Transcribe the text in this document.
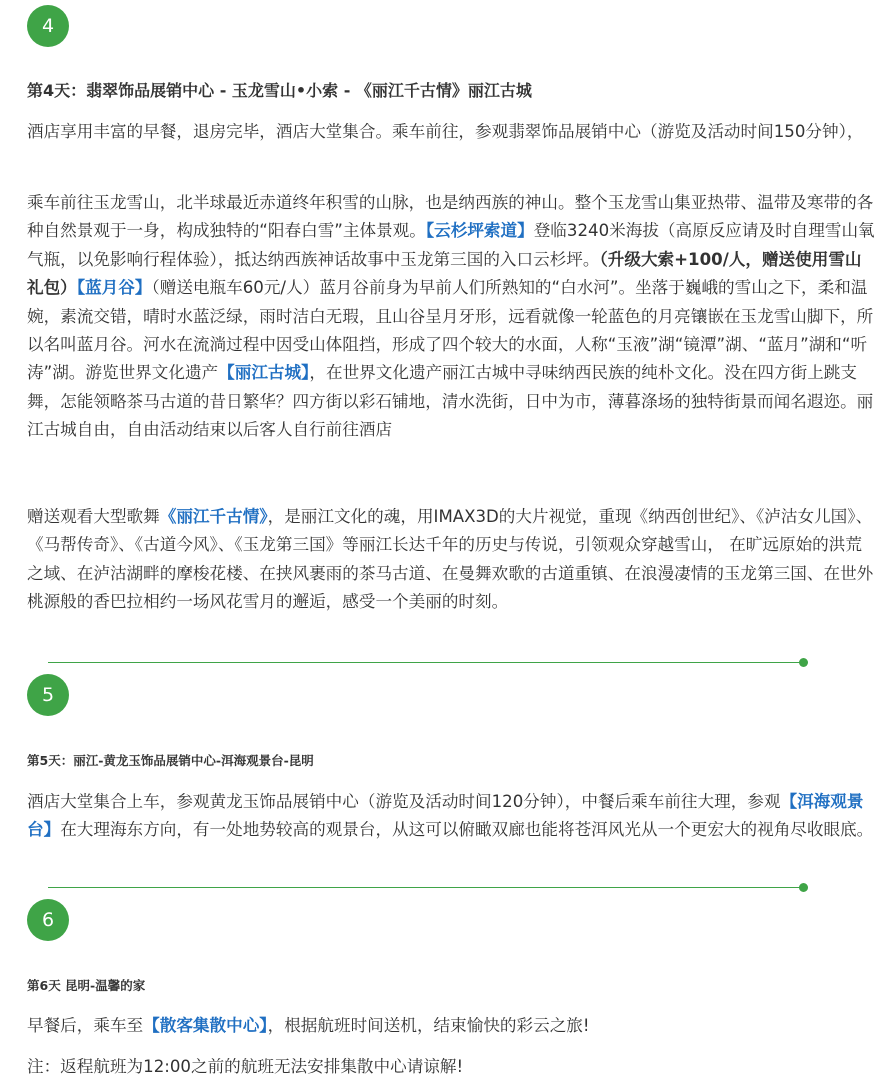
4
第4天：翡翠饰品展销中心 - 玉龙雪山•小索 - 《丽江千古情》丽江古城

酒店享用丰富的早餐，退房完毕，酒店大堂集合。乘车前往，参观翡翠饰品展销中心（游览及活动时间150分钟），

乘车前往玉龙雪山，北半球最近赤道终年积雪的山脉，也是纳西族的神山。整个玉龙雪山集亚热带、温带及寒带的各种自然景观于一身，构成独特的“阳春白雪”主体景观。【云杉坪索道】登临3240米海拔（高原反应请及时自理雪山氧气瓶，以免影响行程体验），抵达纳西族神话故事中玉龙第三国的入口云杉坪。（升级大索+100/人，赠送使用雪山礼包）【蓝月谷】（赠送电瓶车60元/人）蓝月谷前身为早前人们所熟知的“白水河”。坐落于巍峨的雪山之下，柔和温婉，素流交错，晴时水蓝泛绿，雨时洁白无瑕，且山谷呈月牙形，远看就像一轮蓝色的月亮镶嵌在玉龙雪山脚下，所以名叫蓝月谷。河水在流淌过程中因受山体阻挡，形成了四个较大的水面，人称“玉液”湖“镜潭”湖、“蓝月”湖和“听涛”湖。游览世界文化遗产【丽江古城】，在世界文化遗产丽江古城中寻味纳西民族的纯朴文化。没在四方街上跳支舞，怎能领略茶马古道的昔日繁华？四方街以彩石铺地，清水洗街，日中为市，薄暮涤场的独特街景而闻名遐迩。丽江古城自由，自由活动结束以后客人自行前往酒店

赠送观看大型歌舞《丽江千古情》，是丽江文化的魂，用IMAX3D的大片视觉，重现《纳西创世纪》、《泸沽女儿国》、《马帮传奇》、《古道今风》、《玉龙第三国》等丽江长达千年的历史与传说，引领观众穿越雪山， 在旷远原始的洪荒之域、在泸沽湖畔的摩梭花楼、在挟风裹雨的茶马古道、在曼舞欢歌的古道重镇、在浪漫凄情的玉龙第三国、在世外桃源般的香巴拉相约一场风花雪月的邂逅，感受一个美丽的时刻。

5
第5天：丽江-黄龙玉饰品展销中心-洱海观景台-昆明

酒店大堂集合上车，参观黄龙玉饰品展销中心（游览及活动时间120分钟），中餐后乘车前往大理，参观【洱海观景台】在大理海东方向，有一处地势较高的观景台，从这可以俯瞰双廊也能将苍洱风光从一个更宏大的视角尽收眼底。

6
第6天 昆明-温馨的家

早餐后，乘车至【散客集散中心】，根据航班时间送机，结束愉快的彩云之旅!

注：返程航班为12:00之前的航班无法安排集散中心请谅解!
